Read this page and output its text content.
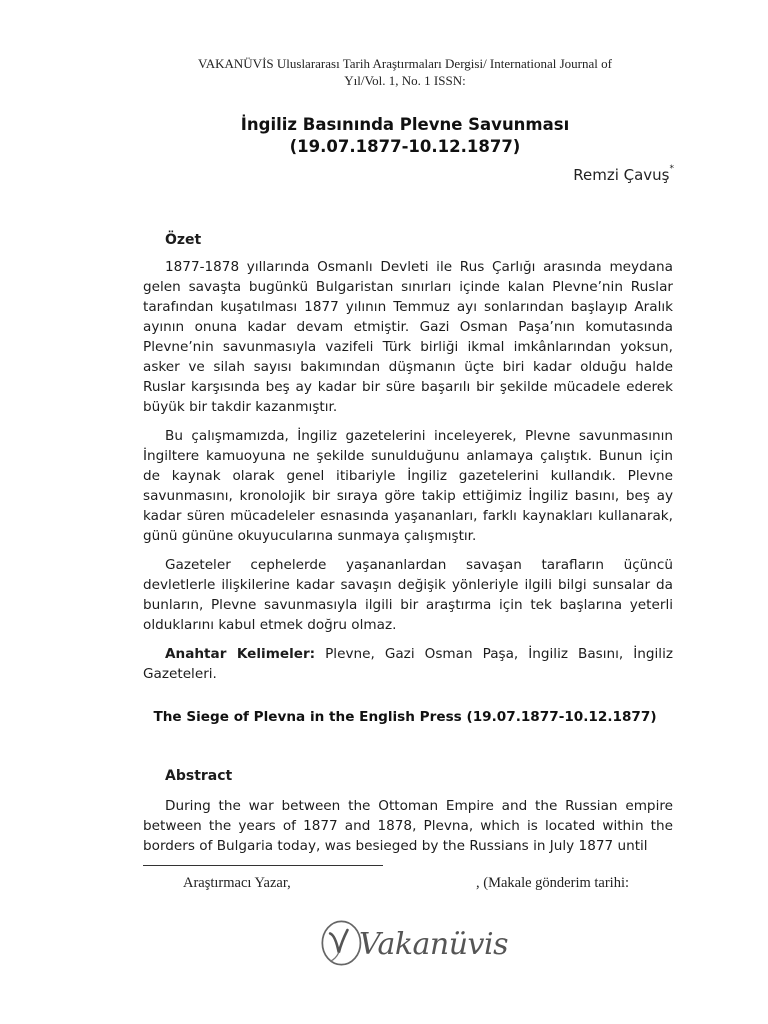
VAKANÜVİS Uluslararası Tarih Araştırmaları Dergisi/ International Journal of
Yıl/Vol. 1, No. 1 ISSN:
İngiliz Basınında Plevne Savunması
(19.07.1877-10.12.1877)
Remzi Çavuş*
Özet

1877-1878 yıllarında Osmanlı Devleti ile Rus Çarlığı arasında meydana gelen savaşta bugünkü Bulgaristan sınırları içinde kalan Plevne’nin Ruslar tarafından kuşatılması 1877 yılının Temmuz ayı sonlarından başlayıp Aralık ayının onuna kadar devam etmiştir. Gazi Osman Paşa’nın komutasında Plevne’nin savunmasıyla vazifeli Türk birliği ikmal imkânlarından yoksun, asker ve silah sayısı bakımından düşmanın üçte biri kadar olduğu halde Ruslar karşısında beş ay kadar bir süre başarılı bir şekilde mücadele ederek büyük bir takdir kazanmıştır.

Bu çalışmamızda, İngiliz gazetelerini inceleyerek, Plevne savunmasının İngiltere kamuoyuna ne şekilde sunulduğunu anlamaya çalıştık. Bunun için de kaynak olarak genel itibariyle İngiliz gazetelerini kullandık. Plevne savunmasını, kronolojik bir sıraya göre takip ettiğimiz İngiliz basını, beş ay kadar süren mücadeleler esnasında yaşananları, farklı kaynakları kullanarak, günü gününe okuyucularına sunmaya çalışmıştır.

Gazeteler cephelerde yaşananlardan savaşan tarafların üçüncü devletlerle ilişkilerine kadar savaşın değişik yönleriyle ilgili bilgi sunsalar da bunların, Plevne savunmasıyla ilgili bir araştırma için tek başlarına yeterli olduklarını kabul etmek doğru olmaz.

Anahtar Kelimeler: Plevne, Gazi Osman Paşa, İngiliz Basını, İngiliz Gazeteleri.

The Siege of Plevna in the English Press (19.07.1877-10.12.1877)
Abstract

During the war between the Ottoman Empire and the Russian empire between the years of 1877 and 1878, Plevna, which is located within the borders of Bulgaria today, was besieged by the Russians in July 1877 until

Araştırmacı Yazar,	, (Makale gönderim tarihi:
Vakanüvis
